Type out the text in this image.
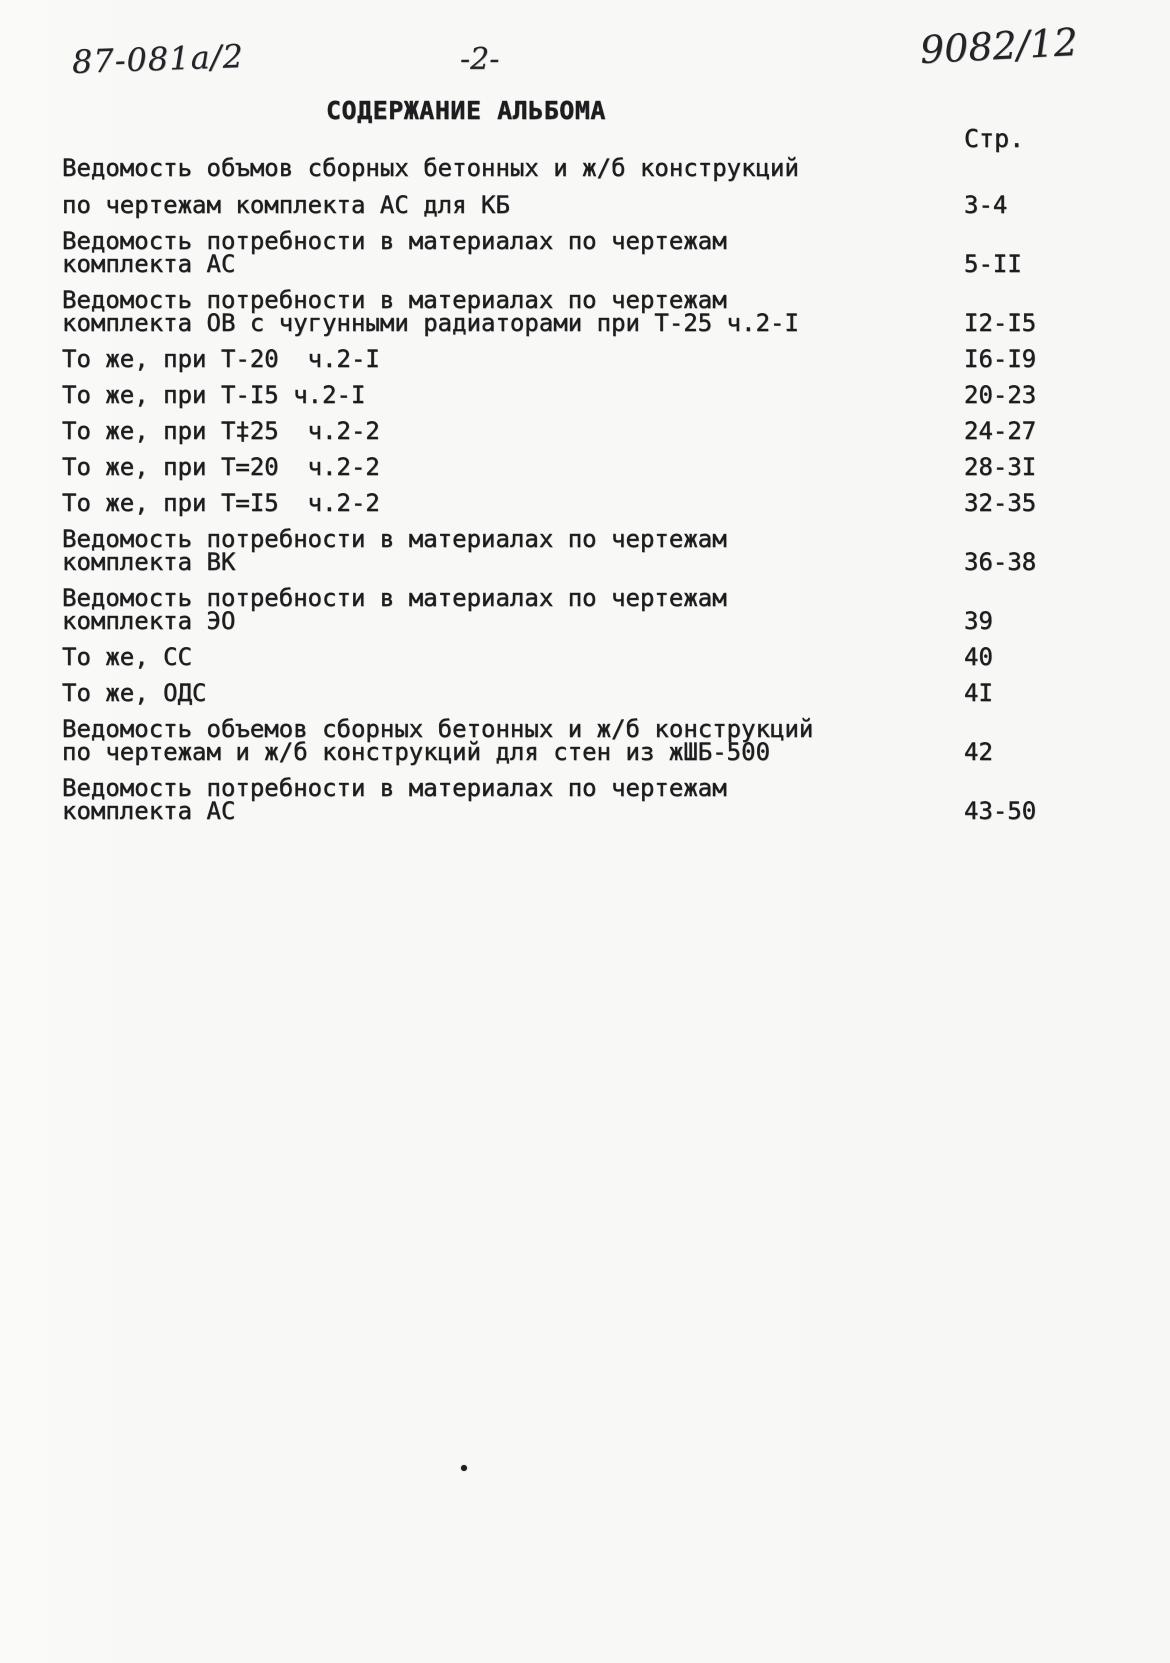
87-081а/2	-2-	9082/12
СОДЕРЖАНИЕ АЛЬБОМА
Стр.
Ведомость объмов сборных бетонных и ж/б конструкций
по чертежам комплекта АС для КБ	3-4
Ведомость потребности в материалах по чертежам
комплекта АС	5-II
Ведомость потребности в материалах по чертежам
комплекта ОВ с чугунными радиаторами при Т-25 ч.2-I	I2-I5
То же, при Т-20  ч.2-I	I6-I9
То же, при Т-I5 ч.2-I	20-23
То же, при Т‡25  ч.2-2	24-27
То же, при Т=20  ч.2-2	28-3I
То же, при Т=I5  ч.2-2	32-35
Ведомость потребности в материалах по чертежам
комплекта ВК	36-38
Ведомость потребности в материалах по чертежам
комплекта ЭО	39
То же, СС	40
То же, ОДС	4I
Ведомость объемов сборных бетонных и ж/б конструкций
по чертежам и ж/б конструкций для стен из жШБ-500	42
Ведомость потребности в материалах по чертежам
комплекта АС	43-50
